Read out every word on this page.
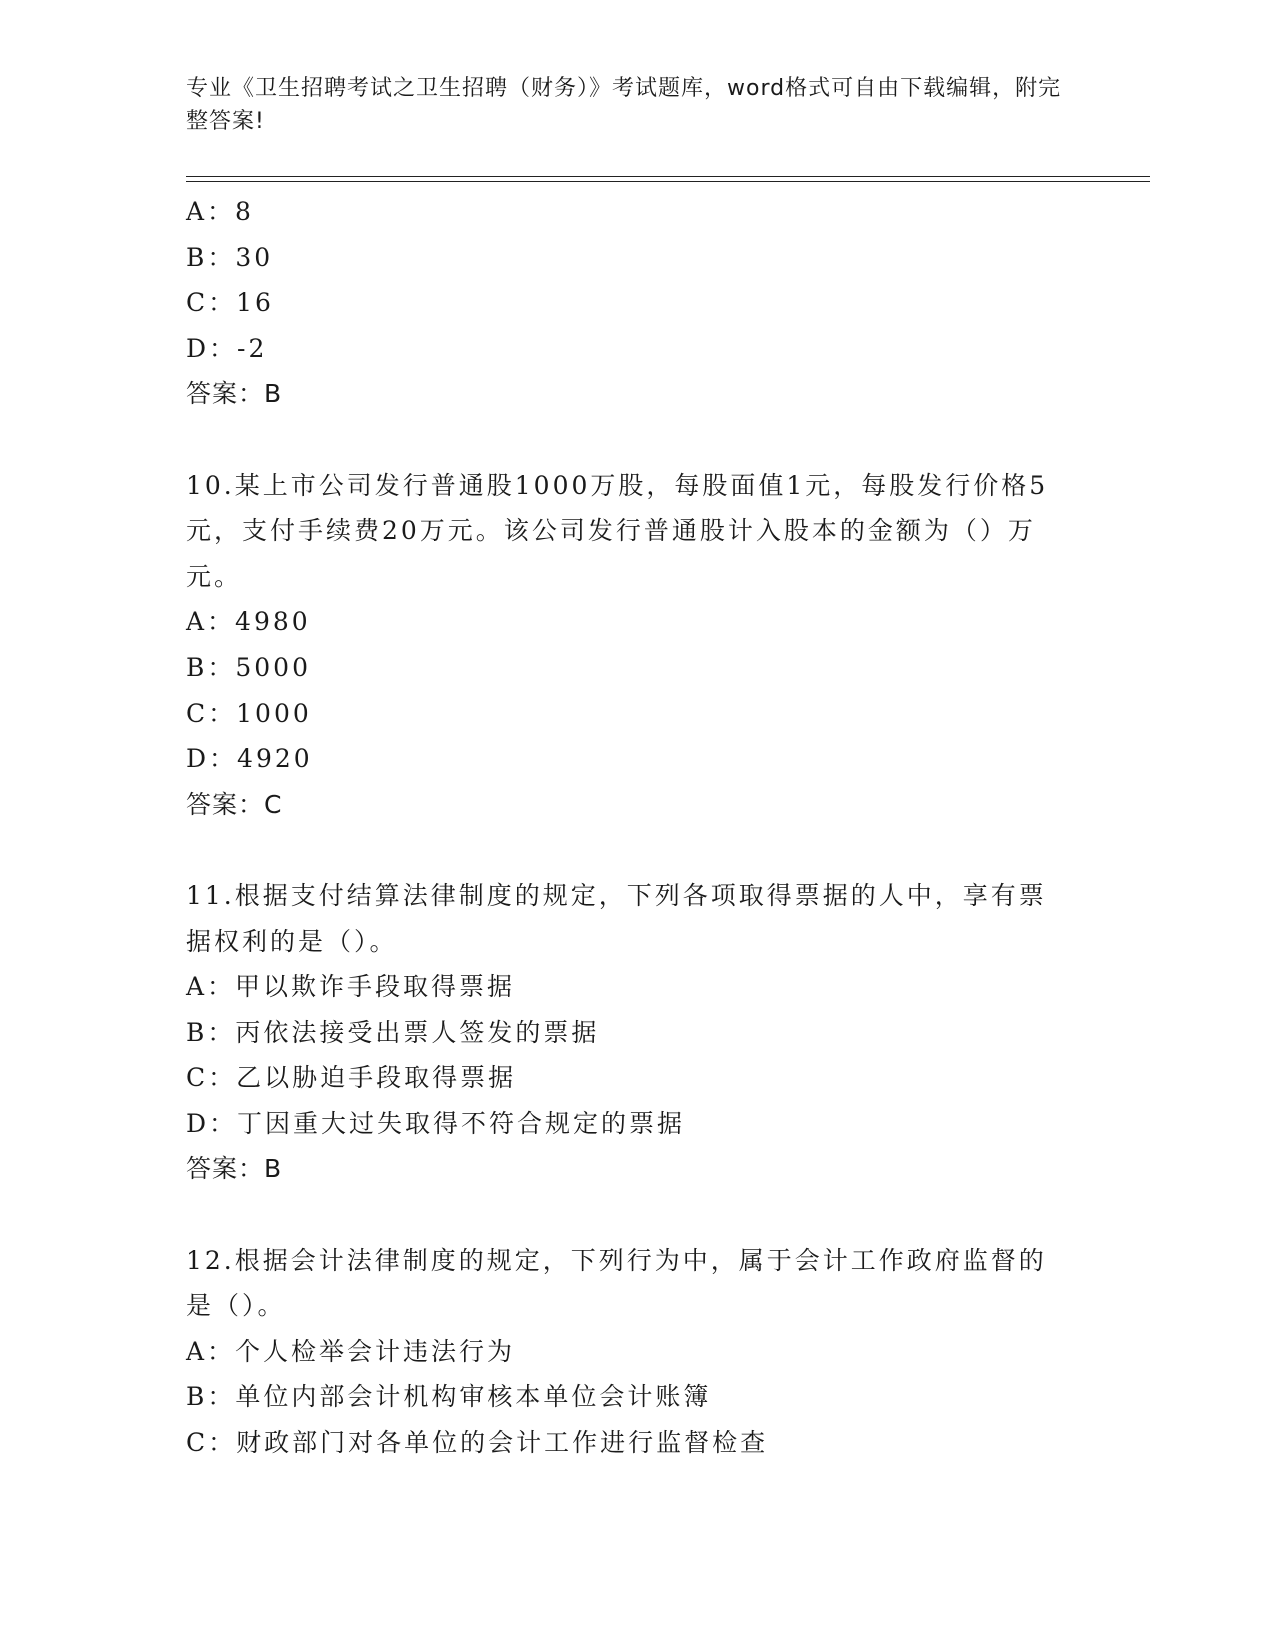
专业《卫生招聘考试之卫生招聘（财务）》考试题库，word格式可自由下载编辑，附完整答案!
A：8
B：30
C：16
D：-2
答案：B
10.某上市公司发行普通股1000万股，每股面值1元，每股发行价格5元，支付手续费20万元。该公司发行普通股计入股本的金额为（）万元。
A：4980
B：5000
C：1000
D：4920
答案：C
11.根据支付结算法律制度的规定，下列各项取得票据的人中，享有票据权利的是（）。
A：甲以欺诈手段取得票据
B：丙依法接受出票人签发的票据
C：乙以胁迫手段取得票据
D：丁因重大过失取得不符合规定的票据
答案：B
12.根据会计法律制度的规定，下列行为中，属于会计工作政府监督的是（）。
A：个人检举会计违法行为
B：单位内部会计机构审核本单位会计账簿
C：财政部门对各单位的会计工作进行监督检查
